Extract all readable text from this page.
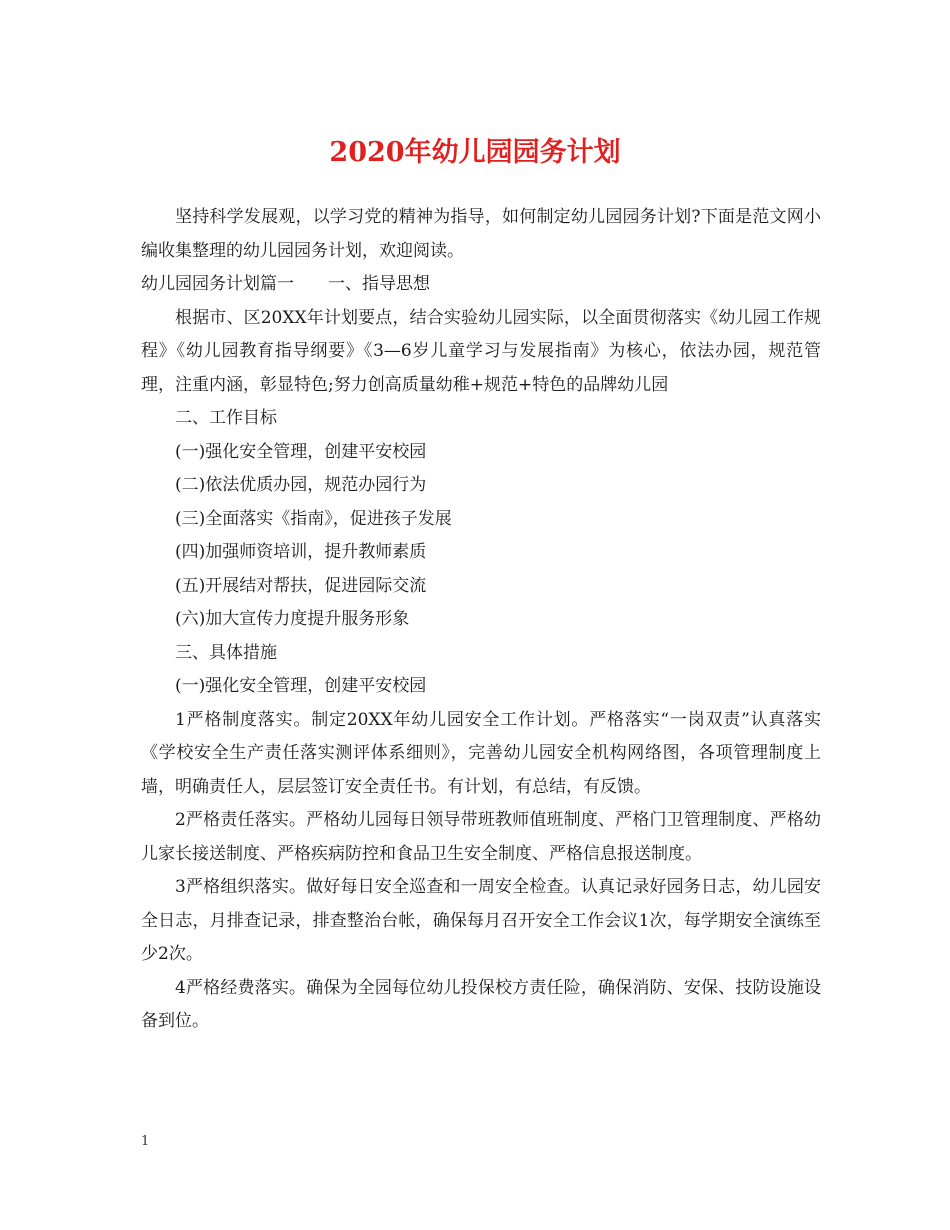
2020年幼儿园园务计划

坚持科学发展观，以学习党的精神为指导，如何制定幼儿园园务计划?下面是范文网小编收集整理的幼儿园园务计划，欢迎阅读。

幼儿园园务计划篇一　　一、指导思想

根据市、区20XX年计划要点，结合实验幼儿园实际，以全面贯彻落实《幼儿园工作规程》《幼儿园教育指导纲要》《3—6岁儿童学习与发展指南》为核心，依法办园，规范管理，注重内涵，彰显特色;努力创高质量幼稚+规范+特色的品牌幼儿园

二、工作目标

(一)强化安全管理，创建平安校园

(二)依法优质办园，规范办园行为

(三)全面落实《指南》，促进孩子发展

(四)加强师资培训，提升教师素质

(五)开展结对帮扶，促进园际交流

(六)加大宣传力度提升服务形象

三、具体措施

(一)强化安全管理，创建平安校园

1严格制度落实。制定20XX年幼儿园安全工作计划。严格落实“一岗双责”认真落实《学校安全生产责任落实测评体系细则》，完善幼儿园安全机构网络图，各项管理制度上墙，明确责任人，层层签订安全责任书。有计划，有总结，有反馈。

2严格责任落实。严格幼儿园每日领导带班教师值班制度、严格门卫管理制度、严格幼儿家长接送制度、严格疾病防控和食品卫生安全制度、严格信息报送制度。

3严格组织落实。做好每日安全巡查和一周安全检查。认真记录好园务日志，幼儿园安全日志，月排查记录，排查整治台帐，确保每月召开安全工作会议1次，每学期安全演练至少2次。

4严格经费落实。确保为全园每位幼儿投保校方责任险，确保消防、安保、技防设施设备到位。

1
